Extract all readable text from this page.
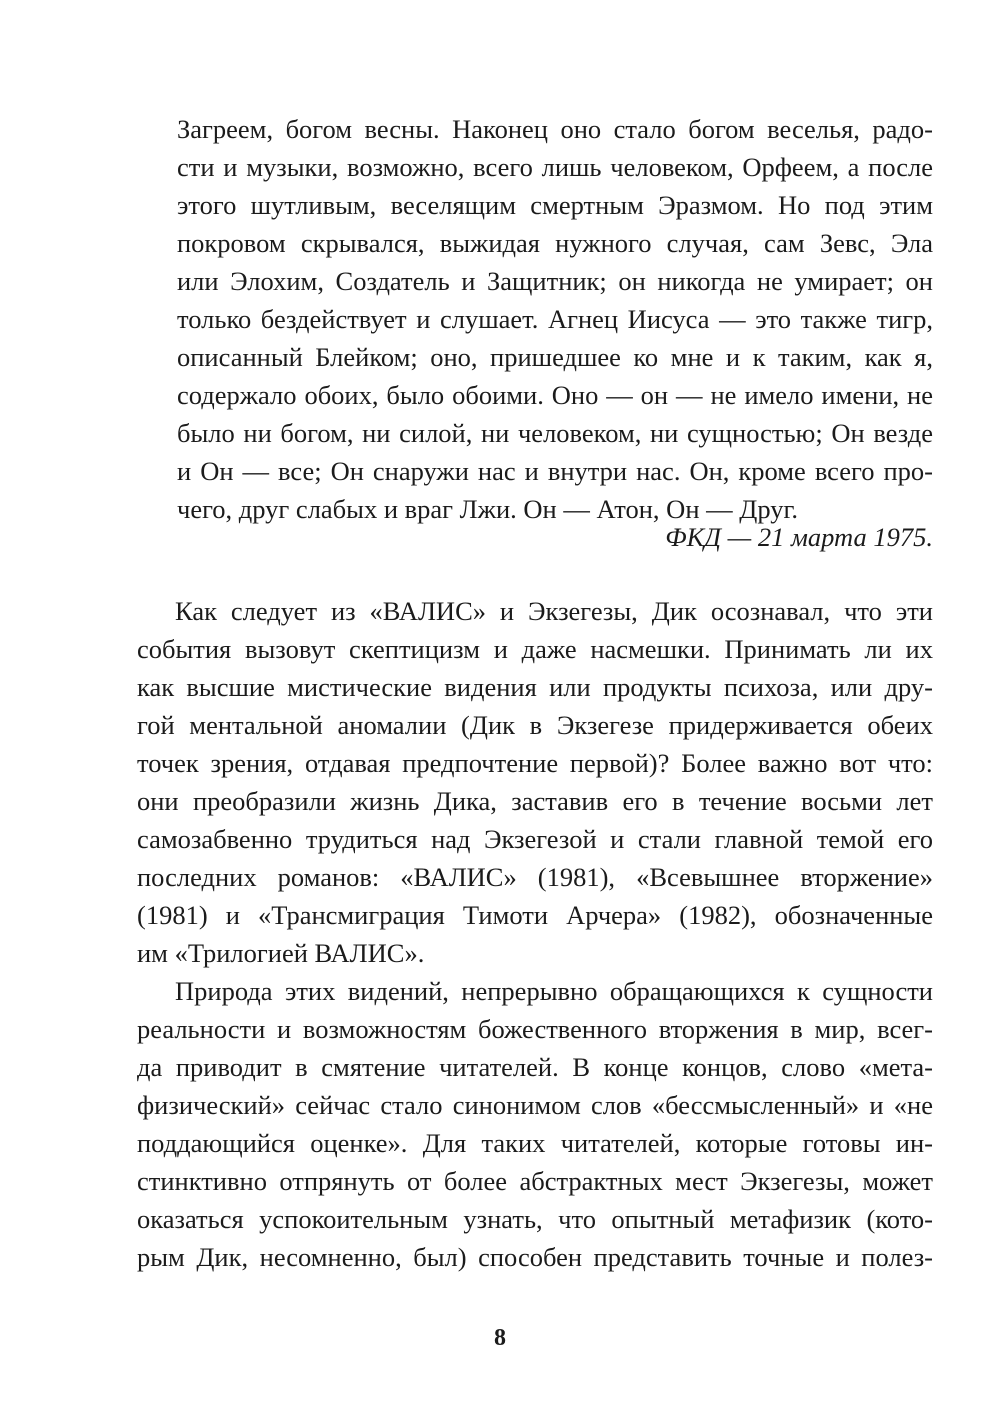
Загреем, богом весны. Наконец оно стало богом веселья, радо-
сти и музыки, возможно, всего лишь человеком, Орфеем, а после
этого шутливым, веселящим смертным Эразмом. Но под этим
покровом скрывался, выжидая нужного случая, сам Зевс, Эла
или Элохим, Создатель и Защитник; он никогда не умирает; он
только бездействует и слушает. Агнец Иисуса — это также тигр,
описанный Блейком; оно, пришедшее ко мне и к таким, как я,
содержало обоих, было обоими. Оно — он — не имело имени, не
было ни богом, ни силой, ни человеком, ни сущностью; Он везде
и Он — все; Он снаружи нас и внутри нас. Он, кроме всего про-
чего, друг слабых и враг Лжи. Он — Атон, Он — Друг.
ФКД — 21 марта 1975.
Как следует из «ВАЛИС» и Экзегезы, Дик осознавал, что эти
события вызовут скептицизм и даже насмешки. Принимать ли их
как высшие мистические видения или продукты психоза, или дру-
гой ментальной аномалии (Дик в Экзегезе придерживается обеих
точек зрения, отдавая предпочтение первой)? Более важно вот что:
они преобразили жизнь Дика, заставив его в течение восьми лет
самозабвенно трудиться над Экзегезой и стали главной темой его
последних романов: «ВАЛИС» (1981), «Всевышнее вторжение»
(1981) и «Трансмиграция Тимоти Арчера» (1982), обозначенные
им «Трилогией ВАЛИС».
Природа этих видений, непрерывно обращающихся к сущности
реальности и возможностям божественного вторжения в мир, всег-
да приводит в смятение читателей. В конце концов, слово «мета-
физический» сейчас стало синонимом слов «бессмысленный» и «не
поддающийся оценке». Для таких читателей, которые готовы ин-
стинктивно отпрянуть от более абстрактных мест Экзегезы, может
оказаться успокоительным узнать, что опытный метафизик (кото-
рым Дик, несомненно, был) способен представить точные и полез-
8
